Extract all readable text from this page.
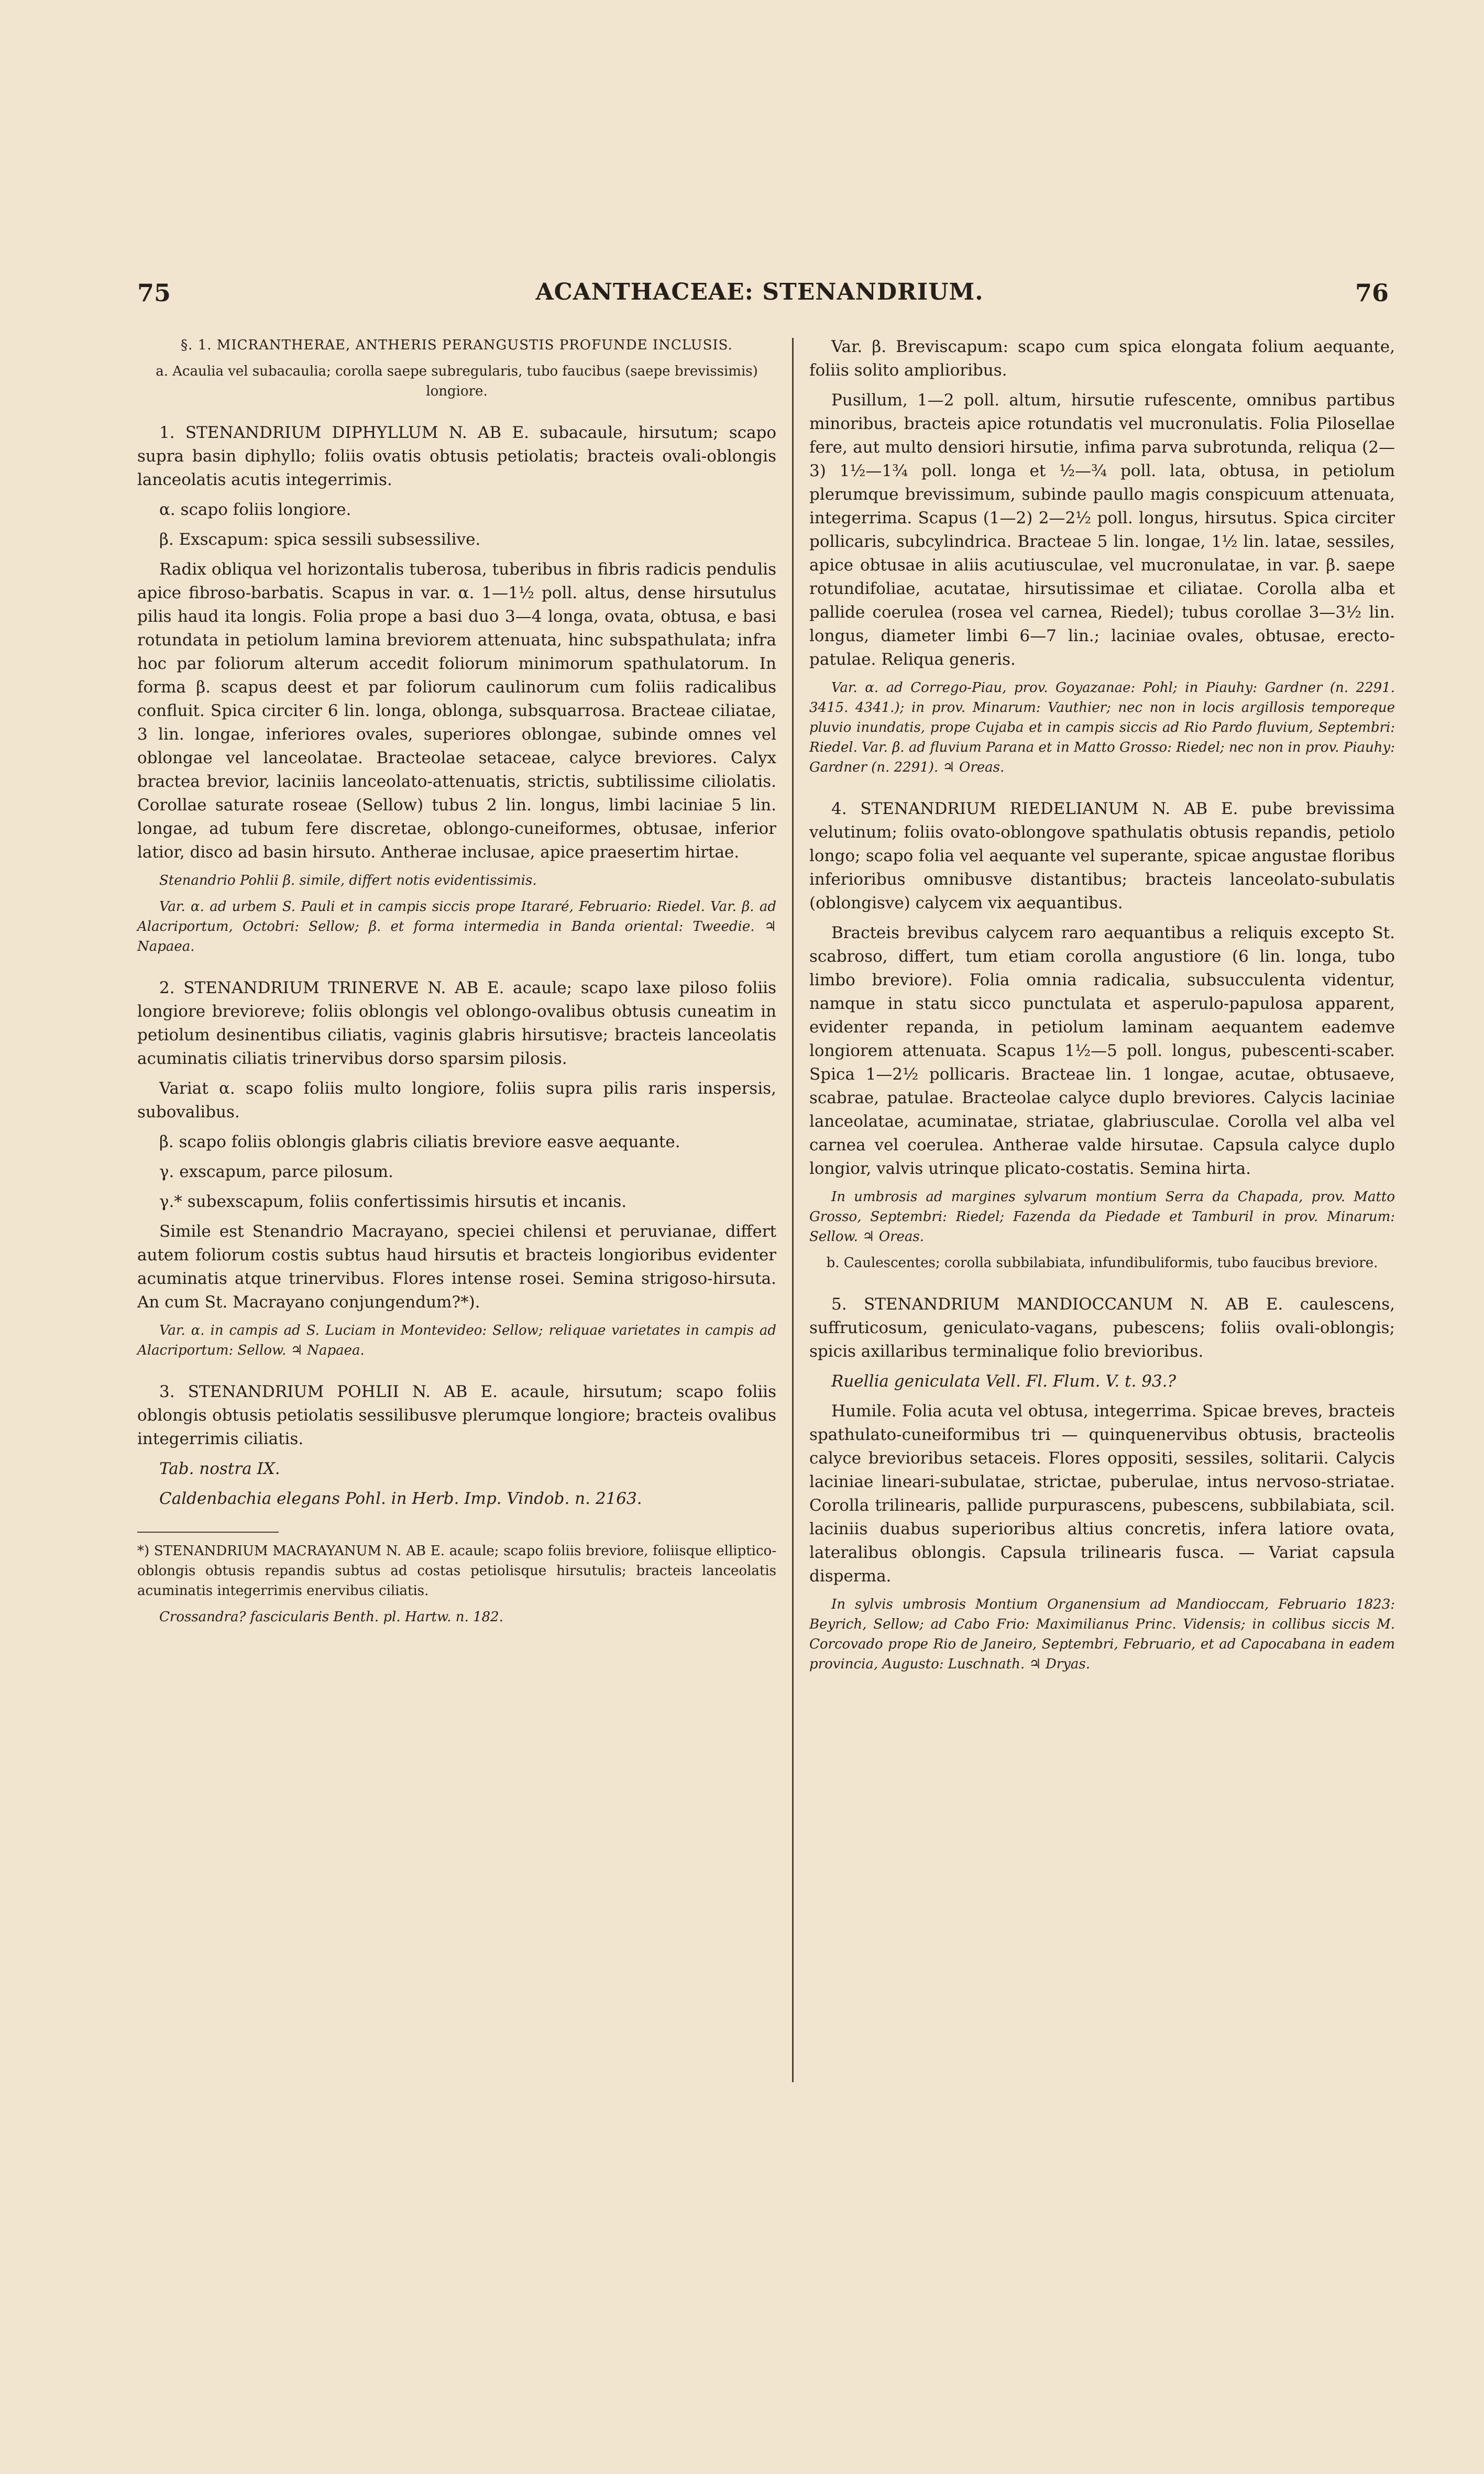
75	ACANTHACEAE: STENANDRIUM.	76

§. 1. MICRANTHERAE, ANTHERIS PERANGUSTIS PROFUNDE INCLUSIS.

a. Acaulia vel subacaulia; corolla saepe subregularis, tubo faucibus (saepe brevissimis) longiore.

1. STENANDRIUM DIPHYLLUM N. AB E. subacaule, hirsutum; scapo supra basin diphyllo; foliis ovatis obtusis petiolatis; bracteis ovali-oblongis lanceolatis acutis integerrimis.

α. scapo foliis longiore.

β. Exscapum: spica sessili subsessilive.

Radix obliqua vel horizontalis tuberosa, tuberibus in fibris radicis pendulis apice fibroso-barbatis. Scapus in var. α. 1—1½ poll. altus, dense hirsutulus pilis haud ita longis. Folia prope a basi duo 3—4 longa, ovata, obtusa, e basi rotundata in petiolum lamina breviorem attenuata, hinc subspathulata; infra hoc par foliorum alterum accedit foliorum minimorum spathulatorum. In forma β. scapus deest et par foliorum caulinorum cum foliis radicalibus confluit. Spica circiter 6 lin. longa, oblonga, subsquarrosa. Bracteae ciliatae, 3 lin. longae, inferiores ovales, superiores oblongae, subinde omnes vel oblongae vel lanceolatae. Bracteolae setaceae, calyce breviores. Calyx bractea brevior, laciniis lanceolato-attenuatis, strictis, subtilissime ciliolatis. Corollae saturate roseae (Sellow) tubus 2 lin. longus, limbi laciniae 5 lin. longae, ad tubum fere discretae, oblongo-cuneiformes, obtusae, inferior latior, disco ad basin hirsuto. Antherae inclusae, apice praesertim hirtae.

Stenandrio Pohlii β. simile, differt notis evidentissimis.

Var. α. ad urbem S. Pauli et in campis siccis prope Itararé, Februario: Riedel. Var. β. ad Alacriportum, Octobri: Sellow; β. et forma intermedia in Banda oriental: Tweedie. ♃ Napaea.

2. STENANDRIUM TRINERVE N. AB E. acaule; scapo laxe piloso foliis longiore brevioreve; foliis oblongis vel oblongo-ovalibus obtusis cuneatim in petiolum desinentibus ciliatis, vaginis glabris hirsutisve; bracteis lanceolatis acuminatis ciliatis trinervibus dorso sparsim pilosis.

Variat α. scapo foliis multo longiore, foliis supra pilis raris inspersis, subovalibus.

β. scapo foliis oblongis glabris ciliatis breviore easve aequante.

γ. exscapum, parce pilosum.

γ.* subexscapum, foliis confertissimis hirsutis et incanis.

Simile est Stenandrio Macrayano, speciei chilensi et peruvianae, differt autem foliorum costis subtus haud hirsutis et bracteis longioribus evidenter acuminatis atque trinervibus. Flores intense rosei. Semina strigoso-hirsuta. An cum St. Macrayano conjungendum?*).

Var. α. in campis ad S. Luciam in Montevideo: Sellow; reliquae varietates in campis ad Alacriportum: Sellow. ♃ Napaea.

3. STENANDRIUM POHLII N. AB E. acaule, hirsutum; scapo foliis oblongis obtusis petiolatis sessilibusve plerumque longiore; bracteis ovalibus integerrimis ciliatis.

Tab. nostra IX.

Caldenbachia elegans Pohl. in Herb. Imp. Vindob. n. 2163.

*) STENANDRIUM MACRAYANUM N. AB E. acaule; scapo foliis breviore, foliisque elliptico-oblongis obtusis repandis subtus ad costas petiolisque hirsutulis; bracteis lanceolatis acuminatis integerrimis enervibus ciliatis.

Crossandra? fascicularis Benth. pl. Hartw. n. 182.

Var. β. Breviscapum: scapo cum spica elongata folium aequante, foliis solito amplioribus.

Pusillum, 1—2 poll. altum, hirsutie rufescente, omnibus partibus minoribus, bracteis apice rotundatis vel mucronulatis. Folia Pilosellae fere, aut multo densiori hirsutie, infima parva subrotunda, reliqua (2—3) 1½—1¾ poll. longa et ½—¾ poll. lata, obtusa, in petiolum plerumque brevissimum, subinde paullo magis conspicuum attenuata, integerrima. Scapus (1—2) 2—2½ poll. longus, hirsutus. Spica circiter pollicaris, subcylindrica. Bracteae 5 lin. longae, 1½ lin. latae, sessiles, apice obtusae in aliis acutiusculae, vel mucronulatae, in var. β. saepe rotundifoliae, acutatae, hirsutissimae et ciliatae. Corolla alba et pallide coerulea (rosea vel carnea, Riedel); tubus corollae 3—3½ lin. longus, diameter limbi 6—7 lin.; laciniae ovales, obtusae, erecto-patulae. Reliqua generis.

Var. α. ad Corrego-Piau, prov. Goyazanae: Pohl; in Piauhy: Gardner (n. 2291. 3415. 4341.); in prov. Minarum: Vauthier; nec non in locis argillosis temporeque pluvio inundatis, prope Cujaba et in campis siccis ad Rio Pardo fluvium, Septembri: Riedel. Var. β. ad fluvium Parana et in Matto Grosso: Riedel; nec non in prov. Piauhy: Gardner (n. 2291). ♃ Oreas.

4. STENANDRIUM RIEDELIANUM N. AB E. pube brevissima velutinum; foliis ovato-oblongove spathulatis obtusis repandis, petiolo longo; scapo folia vel aequante vel superante, spicae angustae floribus inferioribus omnibusve distantibus; bracteis lanceolato-subulatis (oblongisve) calycem vix aequantibus.

Bracteis brevibus calycem raro aequantibus a reliquis excepto St. scabroso, differt, tum etiam corolla angustiore (6 lin. longa, tubo limbo breviore). Folia omnia radicalia, subsucculenta videntur, namque in statu sicco punctulata et asperulo-papulosa apparent, evidenter repanda, in petiolum laminam aequantem eademve longiorem attenuata. Scapus 1½—5 poll. longus, pubescenti-scaber. Spica 1—2½ pollicaris. Bracteae lin. 1 longae, acutae, obtusaeve, scabrae, patulae. Bracteolae calyce duplo breviores. Calycis laciniae lanceolatae, acuminatae, striatae, glabriusculae. Corolla vel alba vel carnea vel coerulea. Antherae valde hirsutae. Capsula calyce duplo longior, valvis utrinque plicato-costatis. Semina hirta.

In umbrosis ad margines sylvarum montium Serra da Chapada, prov. Matto Grosso, Septembri: Riedel; Fazenda da Piedade et Tamburil in prov. Minarum: Sellow. ♃ Oreas.

b. Caulescentes; corolla subbilabiata, infundibuliformis, tubo faucibus breviore.

5. STENANDRIUM MANDIOCCANUM N. AB E. caulescens, suffruticosum, geniculato-vagans, pubescens; foliis ovali-oblongis; spicis axillaribus terminalique folio brevioribus.

Ruellia geniculata Vell. Fl. Flum. V. t. 93.?

Humile. Folia acuta vel obtusa, integerrima. Spicae breves, bracteis spathulato-cuneiformibus tri — quinquenervibus obtusis, bracteolis calyce brevioribus setaceis. Flores oppositi, sessiles, solitarii. Calycis laciniae lineari-subulatae, strictae, puberulae, intus nervoso-striatae. Corolla trilinearis, pallide purpurascens, pubescens, subbilabiata, scil. laciniis duabus superioribus altius concretis, infera latiore ovata, lateralibus oblongis. Capsula trilinearis fusca. — Variat capsula disperma.

In sylvis umbrosis Montium Organensium ad Mandioccam, Februario 1823: Beyrich, Sellow; ad Cabo Frio: Maximilianus Princ. Vidensis; in collibus siccis M. Corcovado prope Rio de Janeiro, Septembri, Februario, et ad Capocabana in eadem provincia, Augusto: Luschnath. ♃ Dryas.
